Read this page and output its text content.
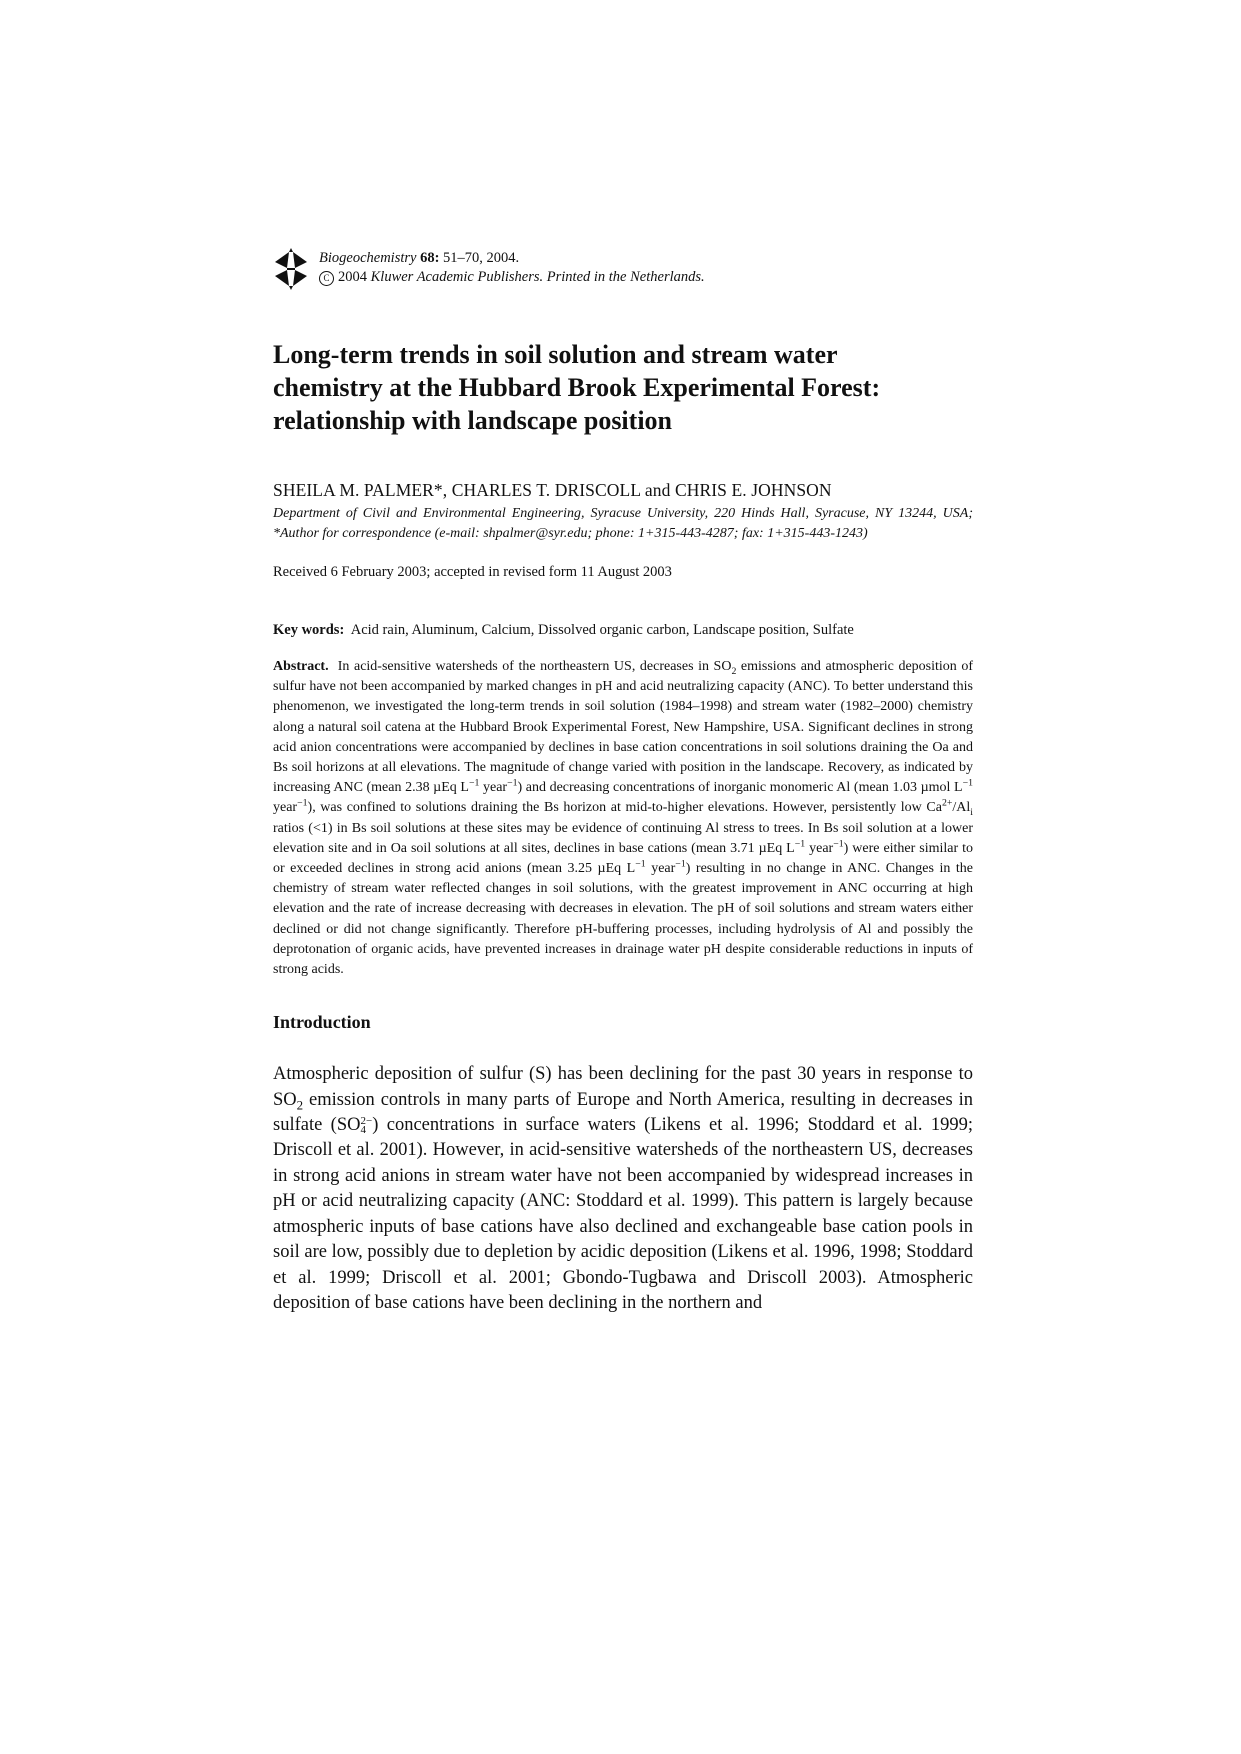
Biogeochemistry 68: 51–70, 2004.
C 2004 Kluwer Academic Publishers. Printed in the Netherlands.
Long-term trends in soil solution and stream water chemistry at the Hubbard Brook Experimental Forest: relationship with landscape position
SHEILA M. PALMER*, CHARLES T. DRISCOLL and CHRIS E. JOHNSON
Department of Civil and Environmental Engineering, Syracuse University, 220 Hinds Hall, Syracuse, NY 13244, USA; *Author for correspondence (e-mail: shpalmer@syr.edu; phone: 1+315-443-4287; fax: 1+315-443-1243)
Received 6 February 2003; accepted in revised form 11 August 2003
Key words: Acid rain, Aluminum, Calcium, Dissolved organic carbon, Landscape position, Sulfate
Abstract. In acid-sensitive watersheds of the northeastern US, decreases in $SO_2$ emissions and atmospheric deposition of sulfur have not been accompanied by marked changes in pH and acid neutralizing capacity (ANC). To better understand this phenomenon, we investigated the long-term trends in soil solution (1984–1998) and stream water (1982–2000) chemistry along a natural soil catena at the Hubbard Brook Experimental Forest, New Hampshire, USA. Significant declines in strong acid anion concentrations were accompanied by declines in base cation concentrations in soil solutions draining the Oa and Bs soil horizons at all elevations. The magnitude of change varied with position in the landscape. Recovery, as indicated by increasing ANC (mean 2.38 µEq $L^{-1}$ year$^{-1}$) and decreasing concentrations of inorganic monomeric Al (mean 1.03 µmol $L^{-1}$ year$^{-1}$), was confined to solutions draining the Bs horizon at mid-to-higher elevations. However, persistently low $Ca^{2+}/Al_i$ ratios (<1) in Bs soil solutions at these sites may be evidence of continuing Al stress to trees. In Bs soil solution at a lower elevation site and in Oa soil solutions at all sites, declines in base cations (mean 3.71 µEq $L^{-1}$ year$^{-1}$) were either similar to or exceeded declines in strong acid anions (mean 3.25 µEq $L^{-1}$ year$^{-1}$) resulting in no change in ANC. Changes in the chemistry of stream water reflected changes in soil solutions, with the greatest improvement in ANC occurring at high elevation and the rate of increase decreasing with decreases in elevation. The pH of soil solutions and stream waters either declined or did not change significantly. Therefore pH-buffering processes, including hydrolysis of Al and possibly the deprotonation of organic acids, have prevented increases in drainage water pH despite considerable reductions in inputs of strong acids.
Introduction
Atmospheric deposition of sulfur (S) has been declining for the past 30 years in response to $SO_2$ emission controls in many parts of Europe and North America, resulting in decreases in sulfate (SO2−
4 ) concentrations in surface waters (Likens et al. 1996; Stoddard et al. 1999; Driscoll et al. 2001). However, in acid-sensitive watersheds of the northeastern US, decreases in strong acid anions in stream water have not been accompanied by widespread increases in pH or acid neutralizing capacity (ANC: Stoddard et al. 1999). This pattern is largely because atmospheric inputs of base cations have also declined and exchangeable base cation pools in soil are low, possibly due to depletion by acidic deposition (Likens et al. 1996, 1998; Stoddard et al. 1999; Driscoll et al. 2001; Gbondo-Tugbawa and Driscoll 2003). Atmospheric deposition of base cations have been declining in the northern and
